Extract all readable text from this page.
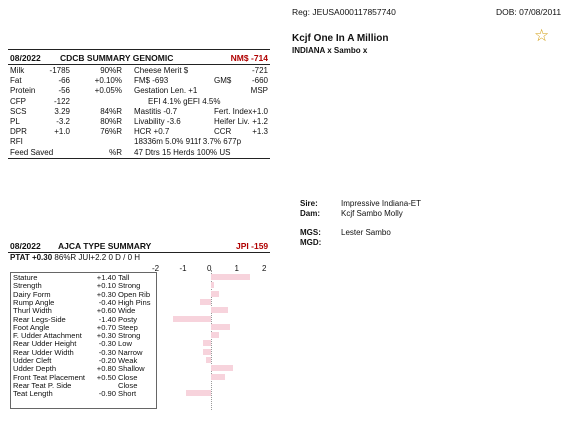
Reg: JEUSA000117857740	DOB: 07/08/2011
Kcjf One In A Million
INDIANA x Sambo x
☆
08/2022 CDCB SUMMARY GENOMIC	NM$ -714
Milk	-1785	90%R Cheese Merit $	-721
Fat	-66	+0.10% FM$ -693	GM$	-660
Protein	-56	+0.05% Gestation Len. +1	MSP
CFP	-122	EFI 4.1% gEFI 4.5%
SCS	3.29	84%R Mastitis -0.7	Fert. Index +1.0
PL	-3.2	80%R Livability -3.6	Heifer Liv. +1.2
DPR	+1.0	76%R HCR +0.7	CCR	+1.3
RFI	18336m 5.0% 911f 3.7% 677p
Feed Saved	%R 47 Dtrs 15 Herds 100% US
08/2022 AJCA TYPE SUMMARY	JPI -159
PTAT +0.30 86%R JUI+2.2 0 D / 0 H
-2	-1	0	1	2
Stature	+1.40 Tall
Strength	+0.10 Strong
Dairy Form	+0.30 Open Rib
Rump Angle	-0.40 High Pins
Thurl Width	+0.60 Wide
Rear Legs-Side	-1.40 Posty
Foot Angle	+0.70 Steep
F. Udder Attachment +0.30 Strong
Rear Udder Height	-0.30 Low
Rear Udder Width	-0.30 Narrow
Udder Cleft	-0.20 Weak
Udder Depth	+0.80 Shallow
Front Teat Placement +0.50 Close
Rear Teat P. Side	Close
Teat Length	-0.90 Short
Sire:	Impressive Indiana-ET
Dam:	Kcjf Sambo Molly
MGS:	Lester Sambo
MGD:
